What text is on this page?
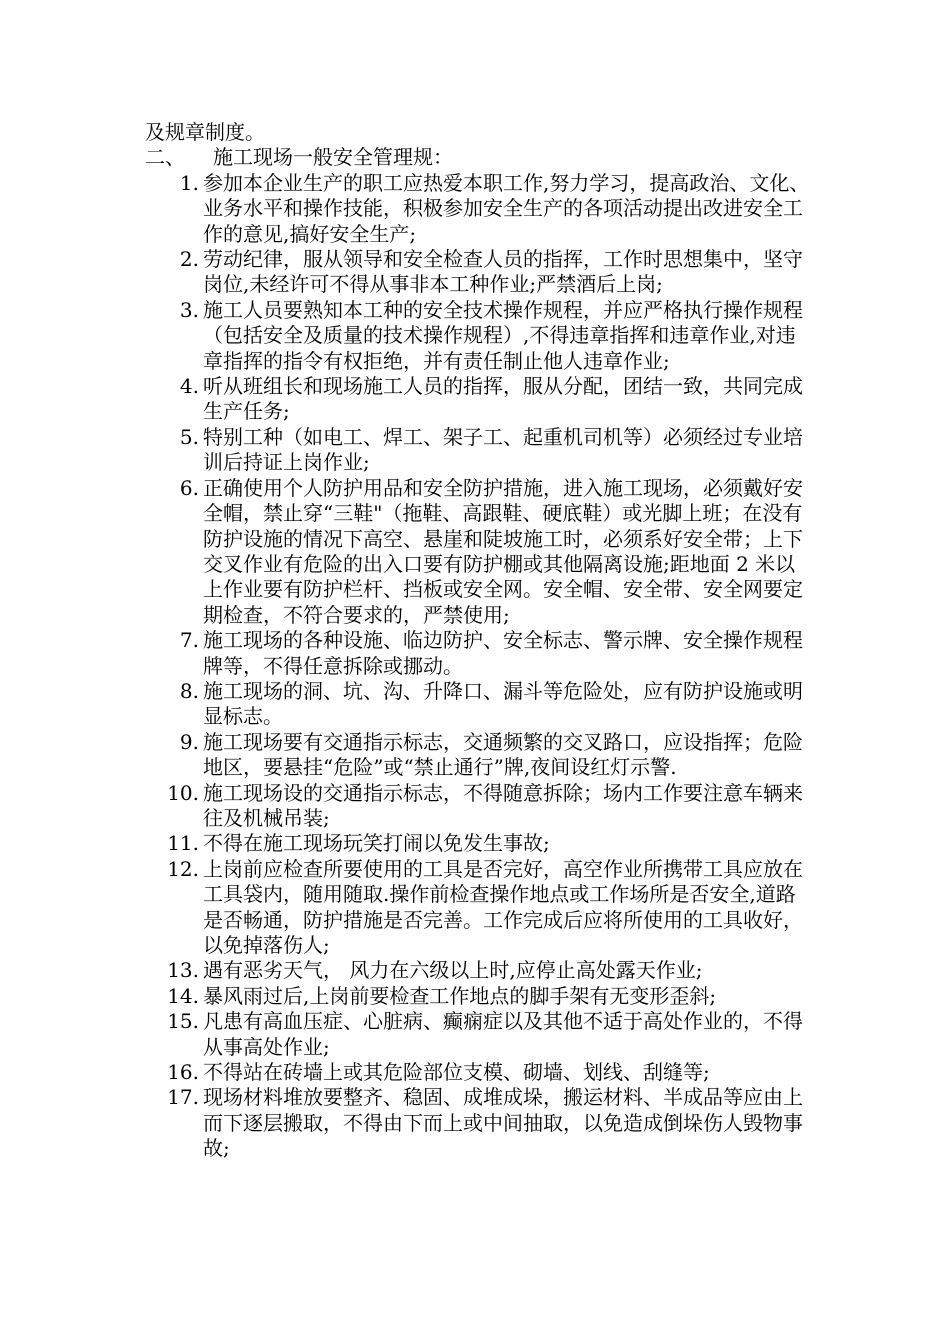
及规章制度。
二、 施工现场一般安全管理规：
1. 参加本企业生产的职工应热爱本职工作,努力学习，提高政治、文化、业务水平和操作技能，积极参加安全生产的各项活动提出改进安全工作的意见,搞好安全生产;
2. 劳动纪律，服从领导和安全检查人员的指挥，工作时思想集中，坚守岗位,未经许可不得从事非本工种作业;严禁酒后上岗;
3. 施工人员要熟知本工种的安全技术操作规程，并应严格执行操作规程（包括安全及质量的技术操作规程）,不得违章指挥和违章作业,对违章指挥的指令有权拒绝，并有责任制止他人违章作业;
4. 听从班组长和现场施工人员的指挥，服从分配，团结一致，共同完成生产任务;
5. 特别工种（如电工、焊工、架子工、起重机司机等）必须经过专业培训后持证上岗作业;
6. 正确使用个人防护用品和安全防护措施，进入施工现场，必须戴好安全帽，禁止穿“三鞋"（拖鞋、高跟鞋、硬底鞋）或光脚上班；在没有防护设施的情况下高空、悬崖和陡坡施工时，必须系好安全带；上下交叉作业有危险的出入口要有防护棚或其他隔离设施;距地面 2 米以上作业要有防护栏杆、挡板或安全网。安全帽、安全带、安全网要定期检查，不符合要求的，严禁使用;
7. 施工现场的各种设施、临边防护、安全标志、警示牌、安全操作规程牌等，不得任意拆除或挪动。
8. 施工现场的洞、坑、沟、升降口、漏斗等危险处，应有防护设施或明显标志。
9. 施工现场要有交通指示标志，交通频繁的交叉路口，应设指挥；危险地区，要悬挂“危险”或“禁止通行”牌,夜间设红灯示警.
10. 施工现场设的交通指示标志，不得随意拆除；场内工作要注意车辆来往及机械吊装;
11. 不得在施工现场玩笑打闹以免发生事故;
12. 上岗前应检查所要使用的工具是否完好，高空作业所携带工具应放在工具袋内，随用随取.操作前检查操作地点或工作场所是否安全,道路是否畅通，防护措施是否完善。工作完成后应将所使用的工具收好，以免掉落伤人;
13. 遇有恶劣天气， 风力在六级以上时,应停止高处露天作业;
14. 暴风雨过后,上岗前要检查工作地点的脚手架有无变形歪斜;
15. 凡患有高血压症、心脏病、癫痫症以及其他不适于高处作业的，不得从事高处作业;
16. 不得站在砖墙上或其危险部位支模、砌墙、划线、刮缝等;
17. 现场材料堆放要整齐、稳固、成堆成垛，搬运材料、半成品等应由上而下逐层搬取，不得由下而上或中间抽取，以免造成倒垛伤人毁物事故;
